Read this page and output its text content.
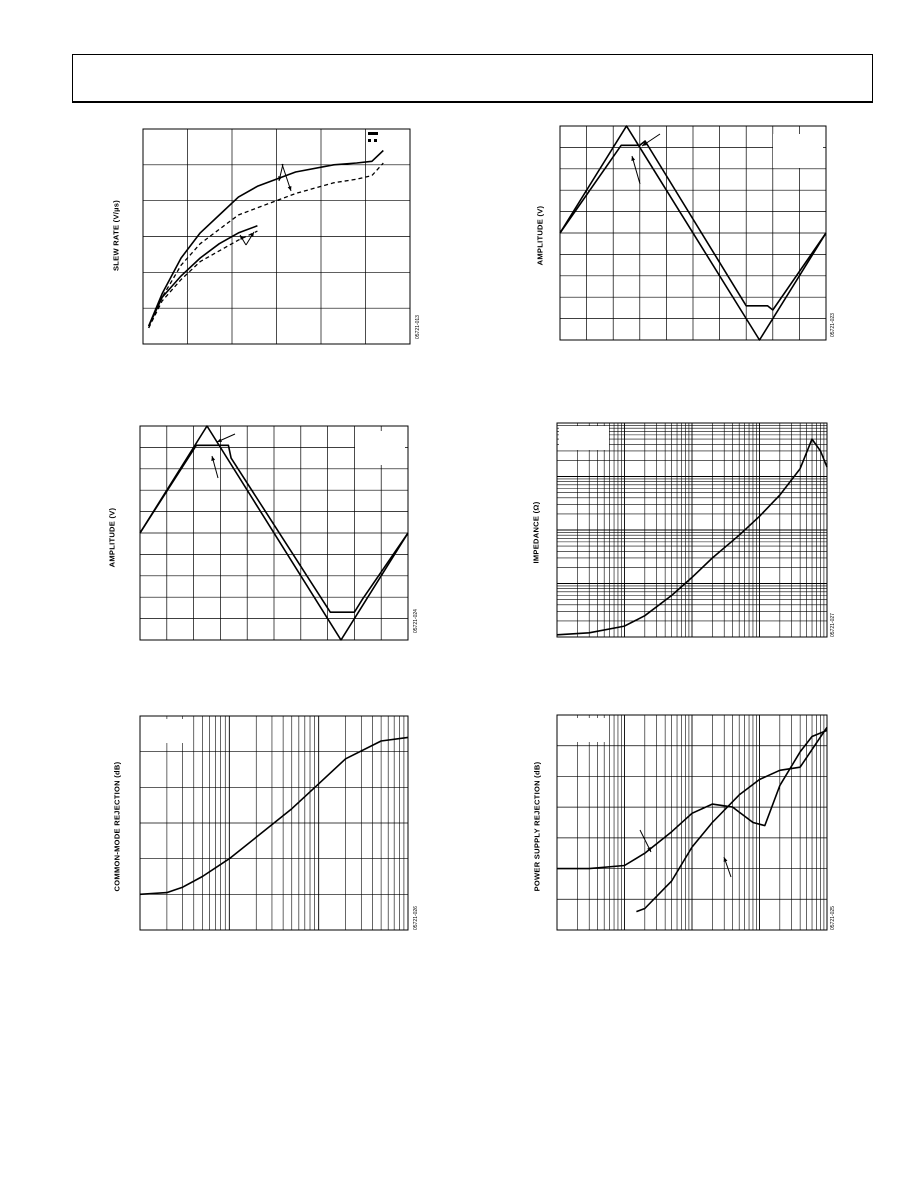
SLEW RATE (V/µs)
05721-013
AMPLITUDE (V)
05721-023
AMPLITUDE (V)
05721-024
IMPEDANCE (Ω)
05721-027
COMMON-MODE REJECTION (dB)
05721-026
POWER SUPPLY REJECTION (dB)
05721-025
